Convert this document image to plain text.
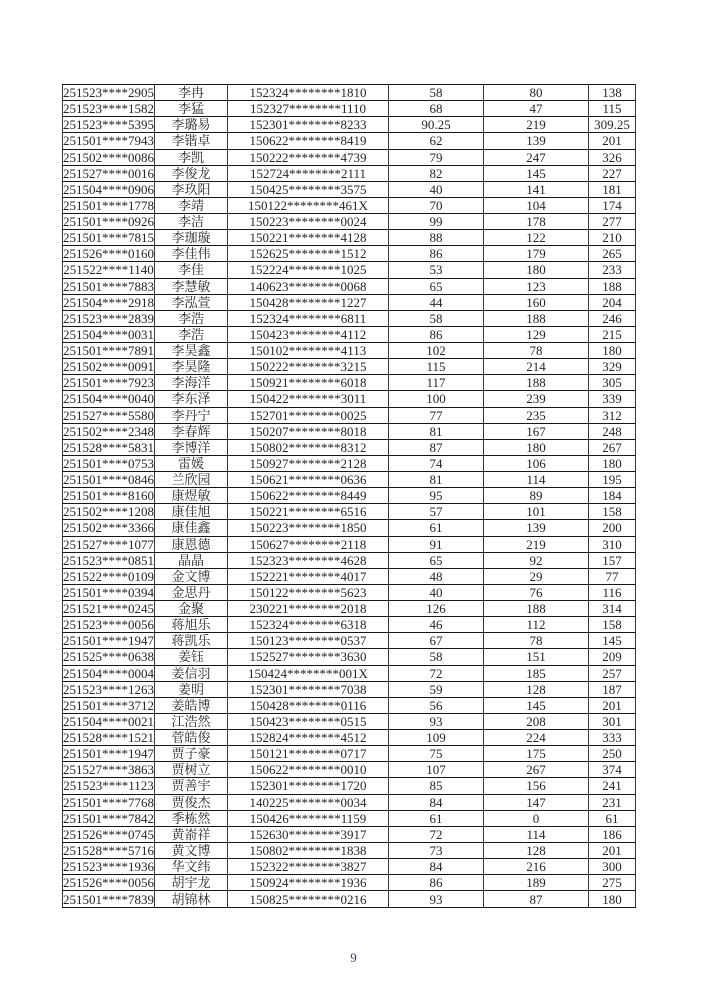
251523****2905	李冉	152324********1810	58	80	138
251523****1582	李猛	152327********1110	68	47	115
251523****5395	李璐易	152301********8233	90.25	219	309.25
251501****7943	李锴卓	150622********8419	62	139	201
251502****0086	李凯	150222********4739	79	247	326
251527****0016	李俊龙	152724********2111	82	145	227
251504****0906	李玖阳	150425********3575	40	141	181
251501****1778	李靖	150122********461X	70	104	174
251501****0926	李洁	150223********0024	99	178	277
251501****7815	李珈璇	150221********4128	88	122	210
251526****0160	李佳伟	152625********1512	86	179	265
251522****1140	李佳	152224********1025	53	180	233
251501****7883	李慧敏	140623********0068	65	123	188
251504****2918	李泓萱	150428********1227	44	160	204
251523****2839	李浩	152324********6811	58	188	246
251504****0031	李浩	150423********4112	86	129	215
251501****7891	李昊鑫	150102********4113	102	78	180
251502****0091	李昊隆	150222********3215	115	214	329
251501****7923	李海洋	150921********6018	117	188	305
251504****0040	李东泽	150422********3011	100	239	339
251527****5580	李丹宁	152701********0025	77	235	312
251502****2348	李春辉	150207********8018	81	167	248
251528****5831	李博洋	150802********8312	87	180	267
251501****0753	雷媛	150927********2128	74	106	180
251501****0846	兰欣园	150621********0636	81	114	195
251501****8160	康煜敏	150622********8449	95	89	184
251502****1208	康佳旭	150221********6516	57	101	158
251502****3366	康佳鑫	150223********1850	61	139	200
251527****1077	康恩德	150627********2118	91	219	310
251523****0851	晶晶	152323********4628	65	92	157
251522****0109	金文博	152221********4017	48	29	77
251501****0394	金思丹	150122********5623	40	76	116
251521****0245	金聚	230221********2018	126	188	314
251523****0056	蒋旭乐	152324********6318	46	112	158
251501****1947	蒋凯乐	150123********0537	67	78	145
251525****0638	姜钰	152527********3630	58	151	209
251504****0004	姜信羽	150424********001X	72	185	257
251523****1263	姜明	152301********7038	59	128	187
251501****3712	姜皓博	150428********0116	56	145	201
251504****0021	江浩然	150423********0515	93	208	301
251528****1521	菅皓俊	152824********4512	109	224	333
251501****1947	贾子豪	150121********0717	75	175	250
251527****3863	贾树立	150622********0010	107	267	374
251523****1123	贾善宇	152301********1720	85	156	241
251501****7768	贾俊杰	140225********0034	84	147	231
251501****7842	季栋然	150426********1159	61	0	61
251526****0745	黄嵛祥	152630********3917	72	114	186
251528****5716	黄文博	150802********1838	73	128	201
251523****1936	华文纬	152322********3827	84	216	300
251526****0056	胡宇龙	150924********1936	86	189	275
251501****7839	胡锦林	150825********0216	93	87	180
9
